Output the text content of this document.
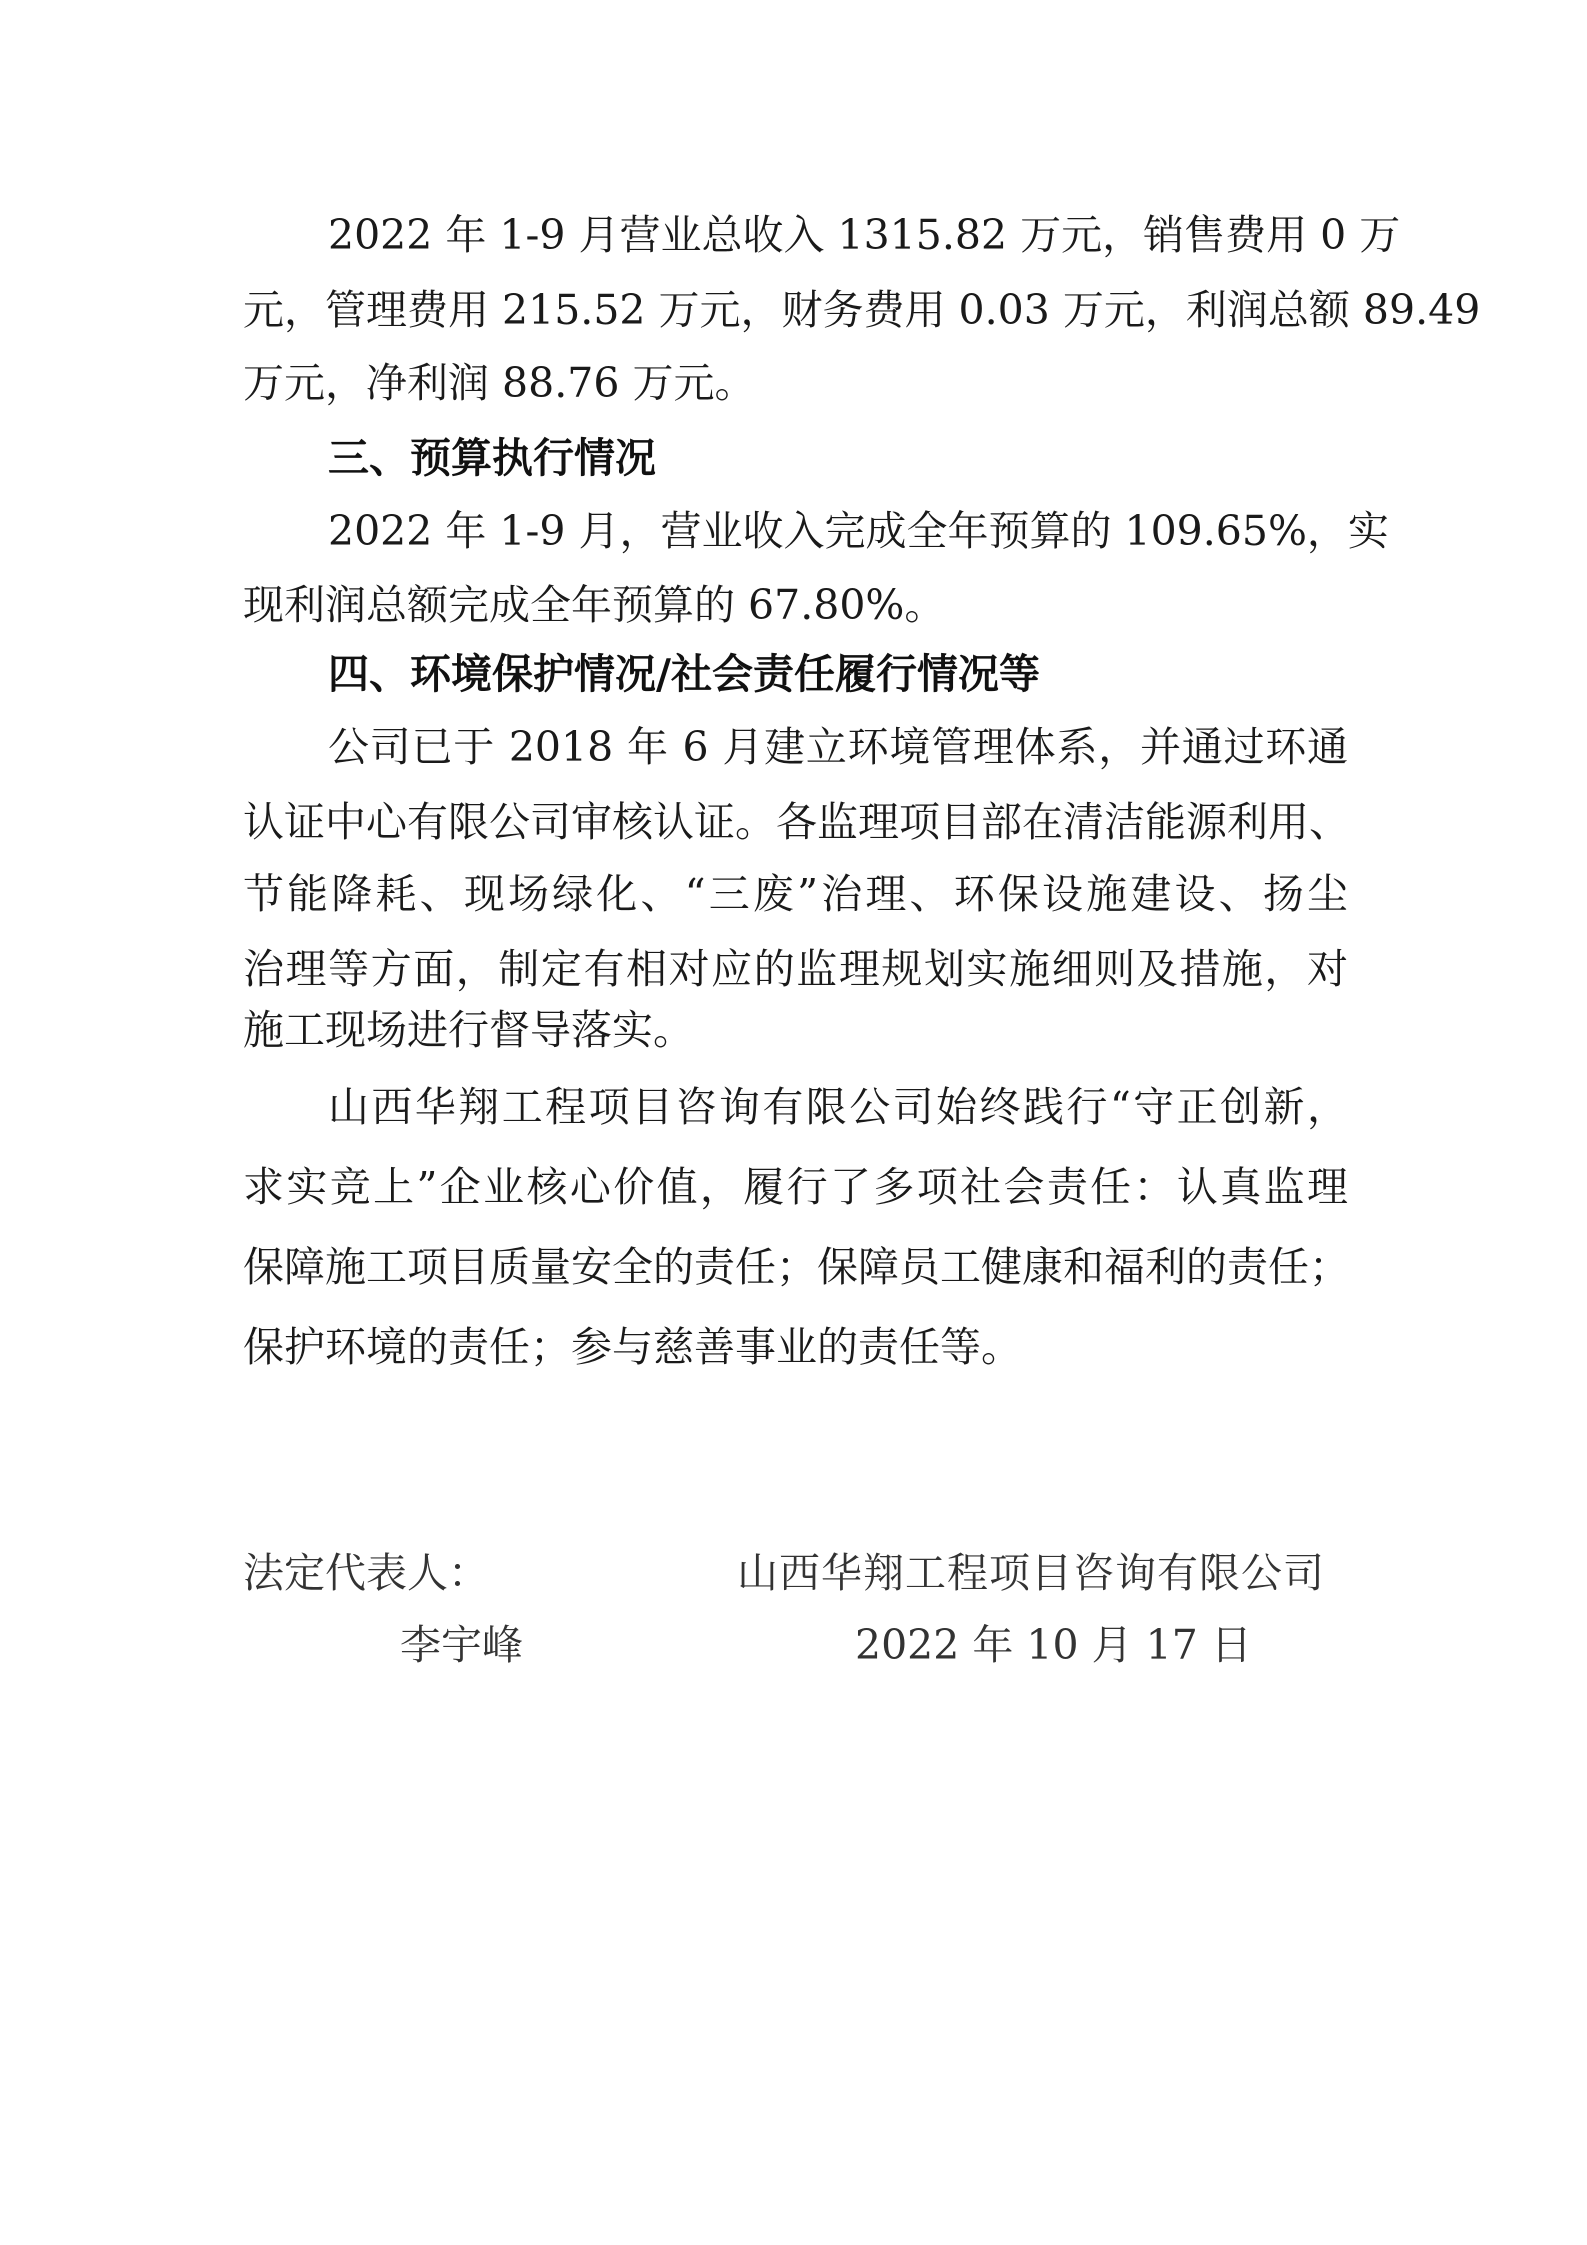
2022 年 1-9 月营业总收入 1315.82 万元，销售费用 0 万
元，管理费用 215.52 万元，财务费用 0.03 万元，利润总额 89.49
万元，净利润 88.76 万元。
三、预算执行情况
2022 年 1-9 月，营业收入完成全年预算的 109.65%，实
现利润总额完成全年预算的 67.80%。
四、环境保护情况/社会责任履行情况等
公司已于 2018 年 6 月建立环境管理体系，并通过环通
认证中心有限公司审核认证。各监理项目部在清洁能源利用、
节能降耗、现场绿化、“三废”治理、环保设施建设、扬尘
治理等方面，制定有相对应的监理规划实施细则及措施，对
施工现场进行督导落实。
山西华翔工程项目咨询有限公司始终践行“守正创新，
求实竞上”企业核心价值，履行了多项社会责任：认真监理
保障施工项目质量安全的责任；保障员工健康和福利的责任；
保护环境的责任；参与慈善事业的责任等。
法定代表人：
李宇峰
山西华翔工程项目咨询有限公司
2022 年 10 月 17 日
